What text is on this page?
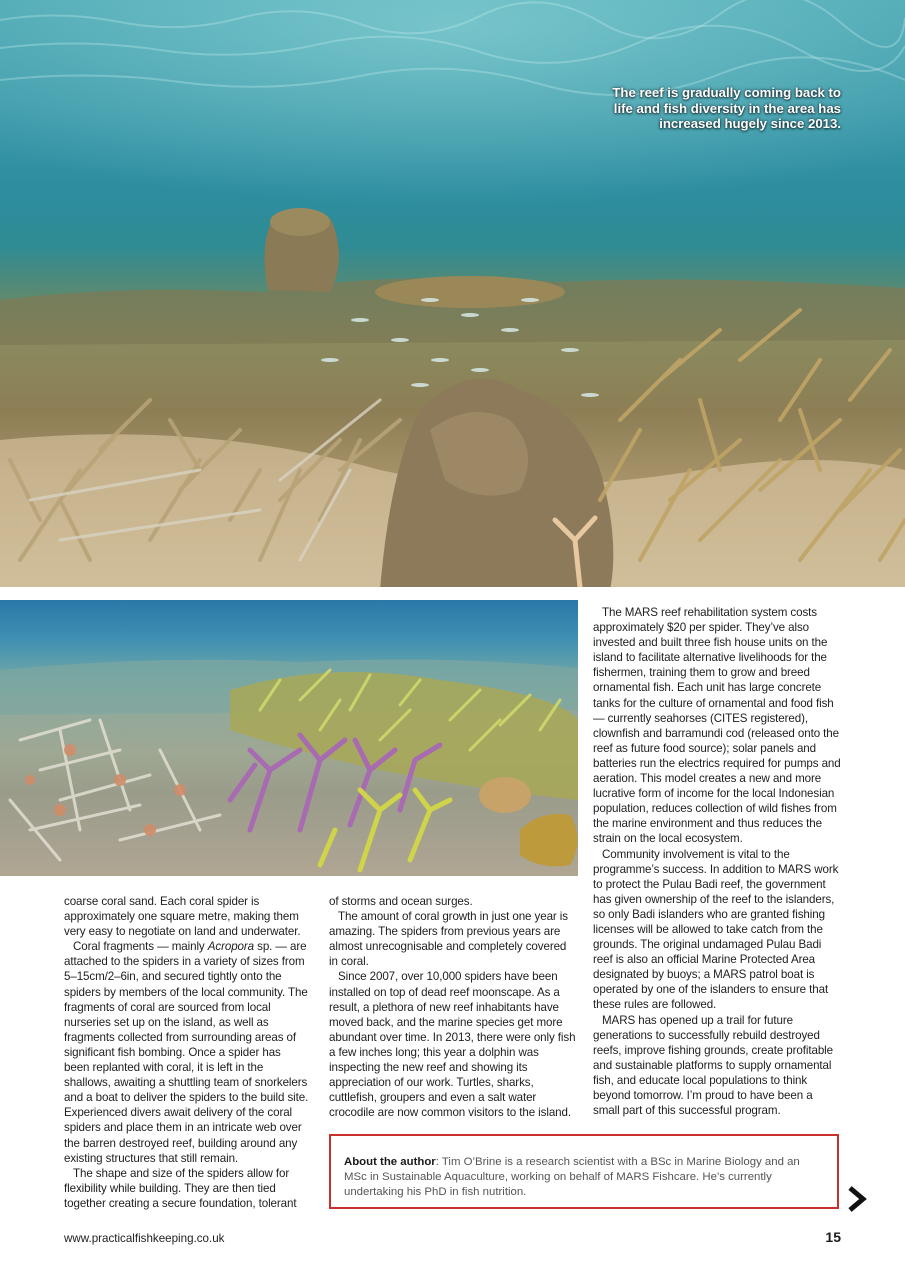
The reef is gradually coming back to life and fish diversity in the area has increased hugely since 2013.

coarse coral sand. Each coral spider is approximately one square metre, making them very easy to negotiate on land and underwater.

Coral fragments — mainly Acropora sp. — are attached to the spiders in a variety of sizes from 5–15cm/2–6in, and secured tightly onto the spiders by members of the local community. The fragments of coral are sourced from local nurseries set up on the island, as well as fragments collected from surrounding areas of significant fish bombing. Once a spider has been replanted with coral, it is left in the shallows, awaiting a shuttling team of snorkelers and a boat to deliver the spiders to the build site. Experienced divers await delivery of the coral spiders and place them in an intricate web over the barren destroyed reef, building around any existing structures that still remain.

The shape and size of the spiders allow for flexibility while building. They are then tied together creating a secure foundation, tolerant

of storms and ocean surges.

The amount of coral growth in just one year is amazing. The spiders from previous years are almost unrecognisable and completely covered in coral.

Since 2007, over 10,000 spiders have been installed on top of dead reef moonscape. As a result, a plethora of new reef inhabitants have moved back, and the marine species get more abundant over time. In 2013, there were only fish a few inches long; this year a dolphin was inspecting the new reef and showing its appreciation of our work. Turtles, sharks, cuttlefish, groupers and even a salt water crocodile are now common visitors to the island.

The MARS reef rehabilitation system costs approximately $20 per spider. They’ve also invested and built three fish house units on the island to facilitate alternative livelihoods for the fishermen, training them to grow and breed ornamental fish. Each unit has large concrete tanks for the culture of ornamental and food fish — currently seahorses (CITES registered), clownfish and barramundi cod (released onto the reef as future food source); solar panels and batteries run the electrics required for pumps and aeration. This model creates a new and more lucrative form of income for the local Indonesian population, reduces collection of wild fishes from the marine environment and thus reduces the strain on the local ecosystem.

Community involvement is vital to the programme’s success. In addition to MARS work to protect the Pulau Badi reef, the government has given ownership of the reef to the islanders, so only Badi islanders who are granted fishing licenses will be allowed to take catch from the grounds. The original undamaged Pulau Badi reef is also an official Marine Protected Area designated by buoys; a MARS patrol boat is operated by one of the islanders to ensure that these rules are followed.

MARS has opened up a trail for future generations to successfully rebuild destroyed reefs, improve fishing grounds, create profitable and sustainable platforms to supply ornamental fish, and educate local populations to think beyond tomorrow. I’m proud to have been a small part of this successful program.

About the author: Tim O’Brine is a research scientist with a BSc in Marine Biology and an MSc in Sustainable Aquaculture, working on behalf of MARS Fishcare. He’s currently undertaking his PhD in fish nutrition.
www.practicalfishkeeping.co.uk	15
